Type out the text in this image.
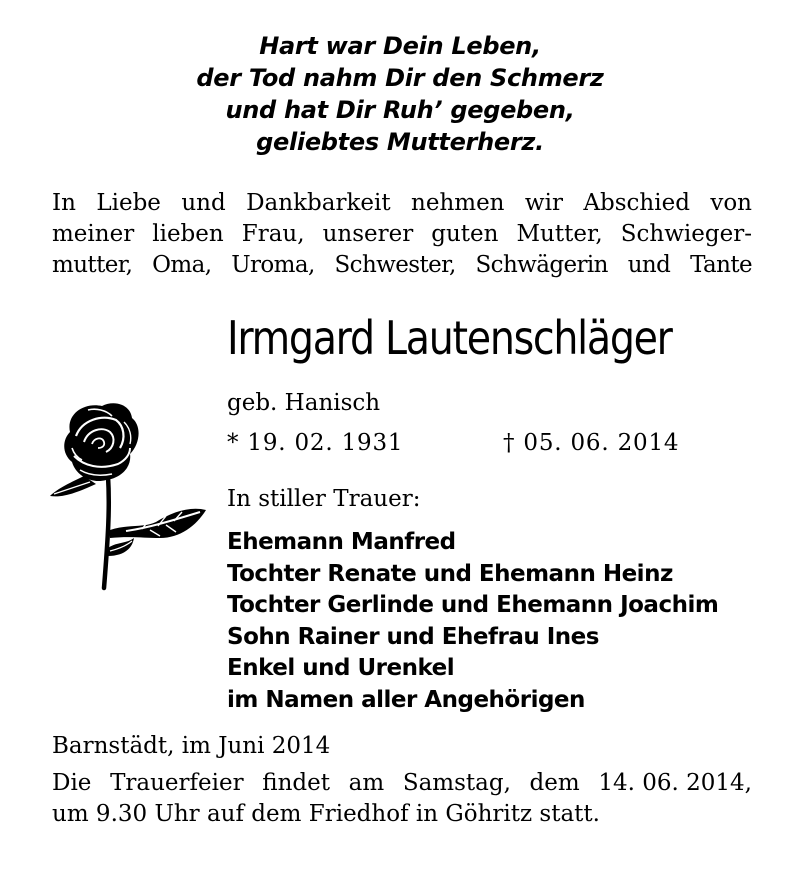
Hart war Dein Leben,
der Tod nahm Dir den Schmerz
und hat Dir Ruh’ gegeben,
geliebtes Mutterherz.
In Liebe und Dankbarkeit nehmen wir Abschied von
meiner lieben Frau, unserer guten Mutter, Schwieger-
mutter, Oma, Uroma, Schwester, Schwägerin und Tante
Irmgard Lautenschläger
geb. Hanisch
* 19. 02. 1931	† 05. 06. 2014
In stiller Trauer:
Ehemann Manfred
Tochter Renate und Ehemann Heinz
Tochter Gerlinde und Ehemann Joachim
Sohn Rainer und Ehefrau Ines
Enkel und Urenkel
im Namen aller Angehörigen
Barnstädt, im Juni 2014
Die Trauerfeier findet am Samstag, dem 14. 06. 2014,
um 9.30 Uhr auf dem Friedhof in Göhritz statt.
